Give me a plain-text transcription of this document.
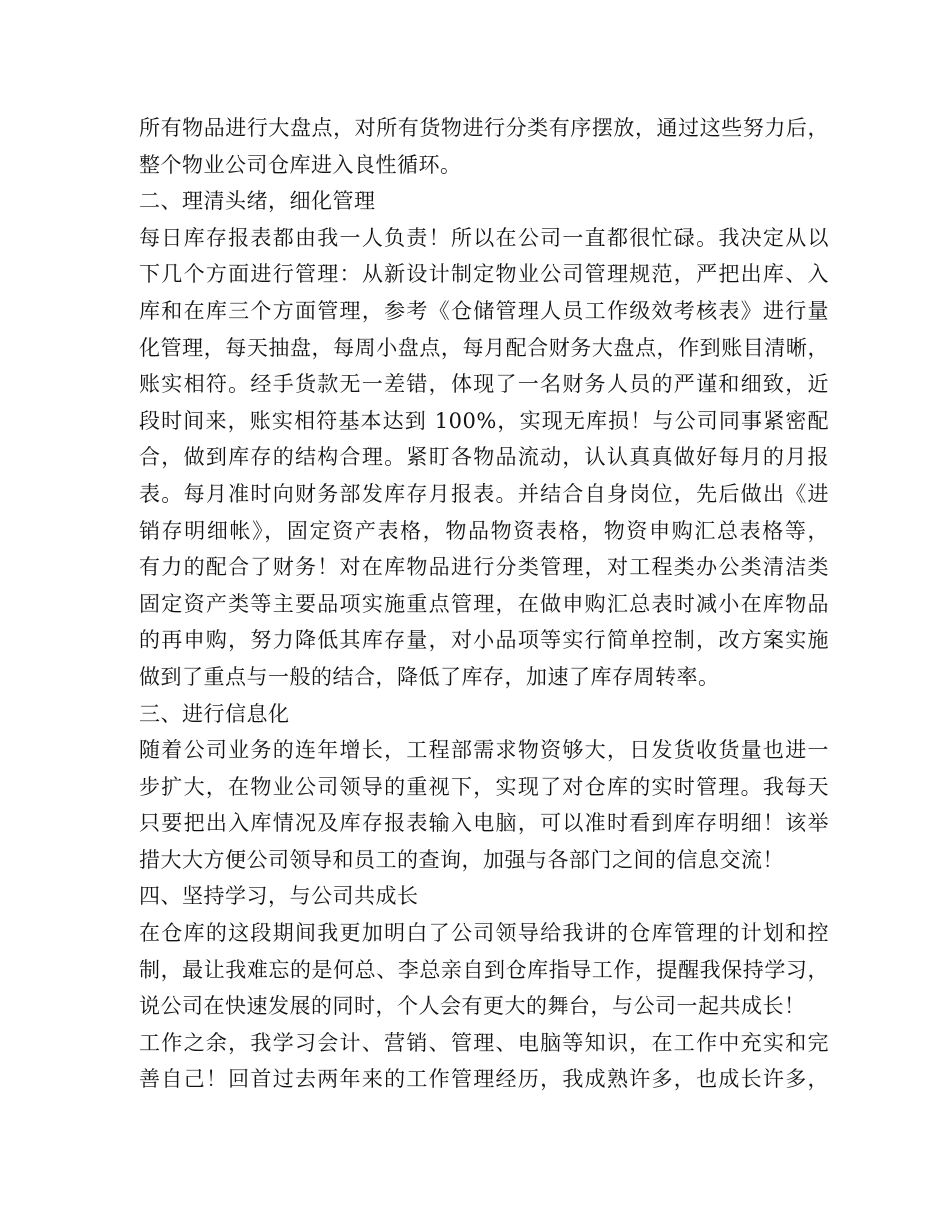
所有物品进行大盘点，对所有货物进行分类有序摆放，通过这些努力后，
整个物业公司仓库进入良性循环。
二、理清头绪，细化管理
每日库存报表都由我一人负责！所以在公司一直都很忙碌。我决定从以
下几个方面进行管理：从新设计制定物业公司管理规范，严把出库、入
库和在库三个方面管理，参考《仓储管理人员工作级效考核表》进行量
化管理，每天抽盘，每周小盘点，每月配合财务大盘点，作到账目清晰，
账实相符。经手货款无一差错，体现了一名财务人员的严谨和细致，近
段时间来，账实相符基本达到 100%，实现无库损！与公司同事紧密配
合，做到库存的结构合理。紧盯各物品流动，认认真真做好每月的月报
表。每月准时向财务部发库存月报表。并结合自身岗位，先后做出《进
销存明细帐》，固定资产表格，物品物资表格，物资申购汇总表格等，
有力的配合了财务！对在库物品进行分类管理，对工程类办公类清洁类
固定资产类等主要品项实施重点管理，在做申购汇总表时减小在库物品
的再申购，努力降低其库存量，对小品项等实行简单控制，改方案实施
做到了重点与一般的结合，降低了库存，加速了库存周转率。
三、进行信息化
随着公司业务的连年增长，工程部需求物资够大，日发货收货量也进一
步扩大，在物业公司领导的重视下，实现了对仓库的实时管理。我每天
只要把出入库情况及库存报表输入电脑，可以准时看到库存明细！该举
措大大方便公司领导和员工的查询，加强与各部门之间的信息交流！
四、坚持学习，与公司共成长
在仓库的这段期间我更加明白了公司领导给我讲的仓库管理的计划和控
制，最让我难忘的是何总、李总亲自到仓库指导工作，提醒我保持学习，
说公司在快速发展的同时，个人会有更大的舞台，与公司一起共成长！
工作之余，我学习会计、营销、管理、电脑等知识，在工作中充实和完
善自己！回首过去两年来的工作管理经历，我成熟许多，也成长许多，
